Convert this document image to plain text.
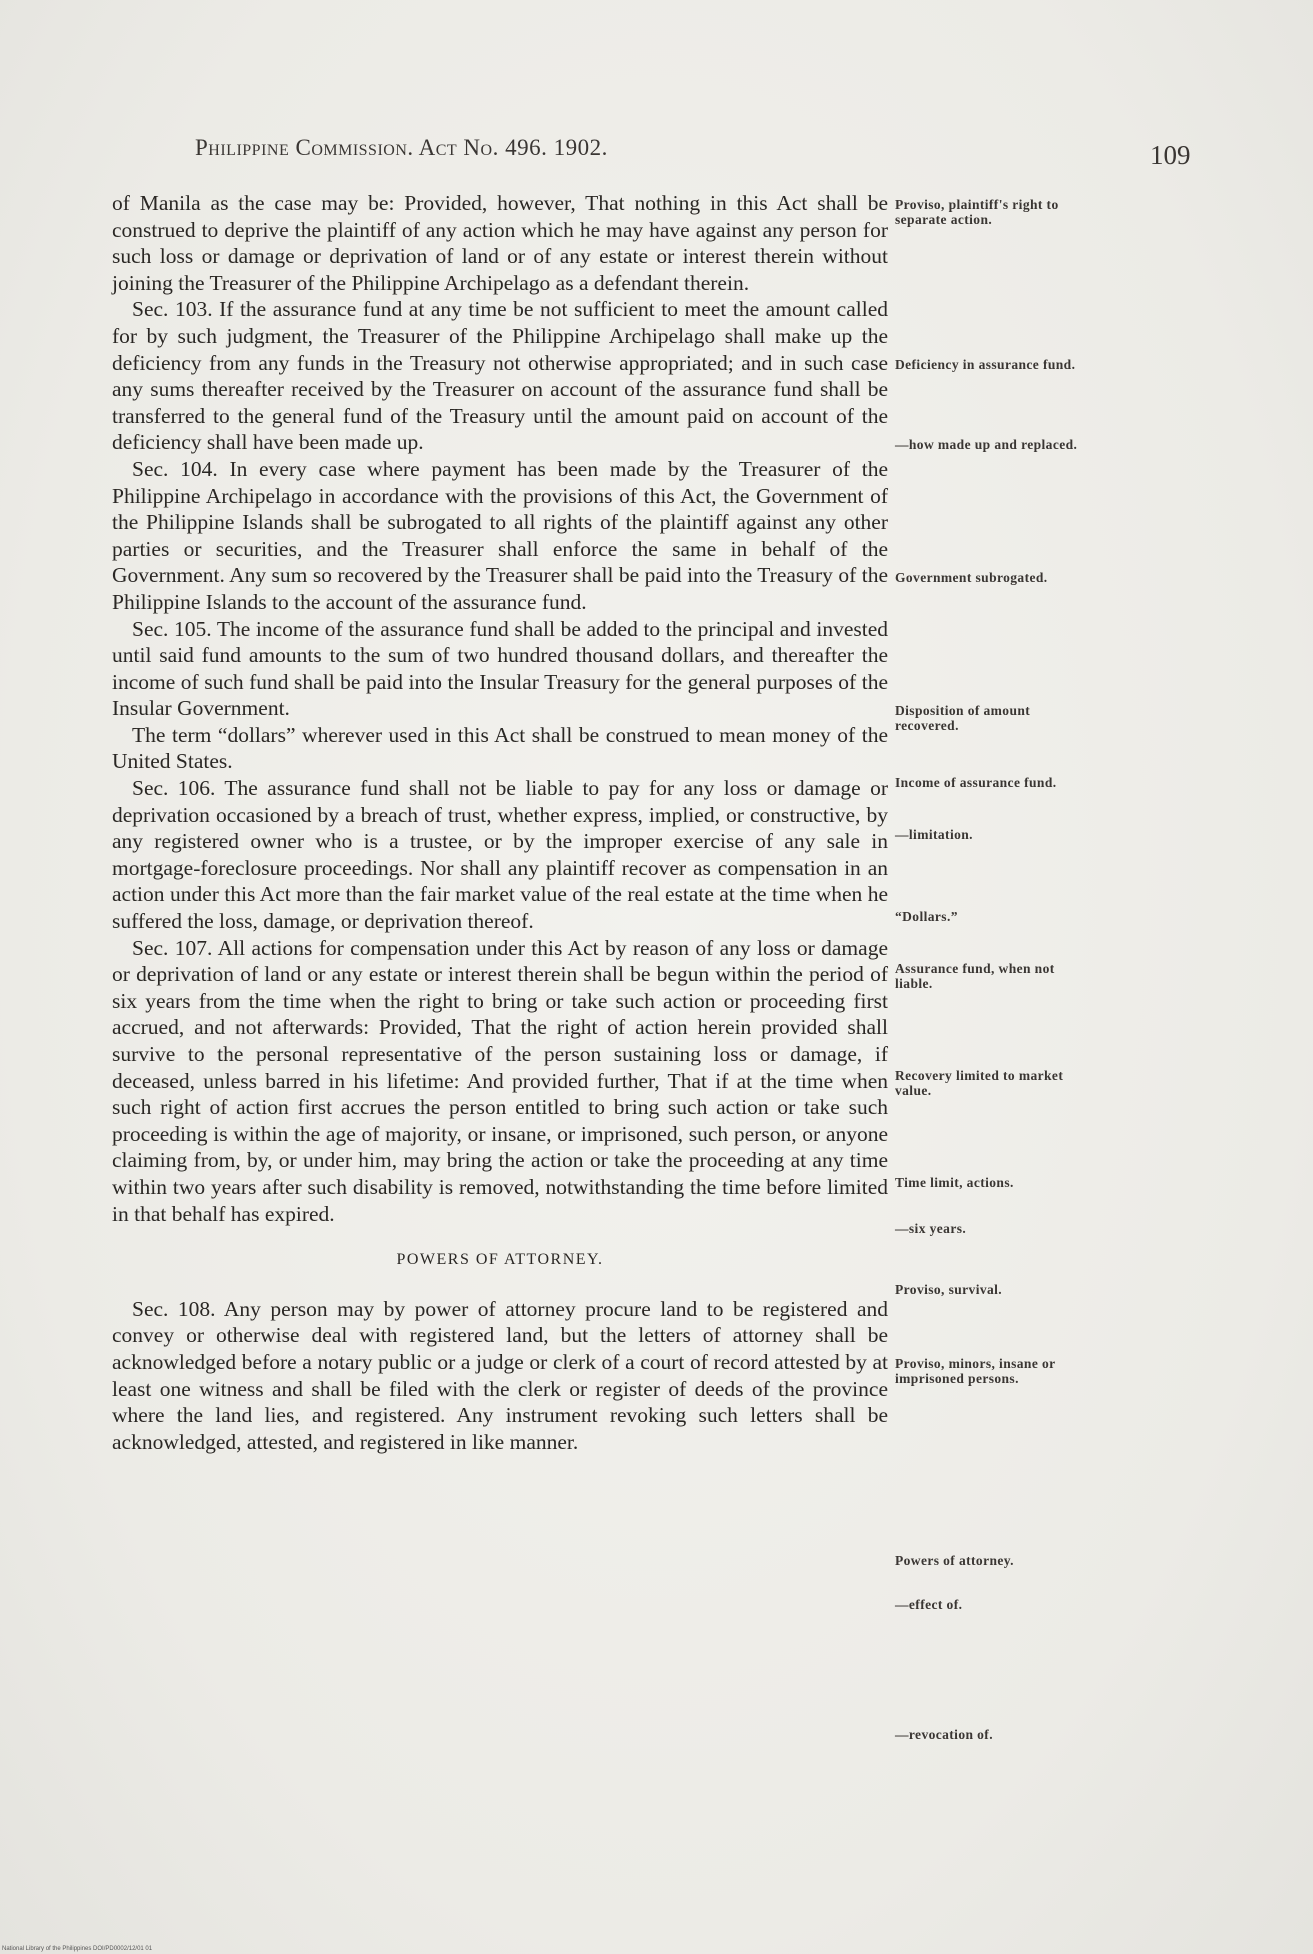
Philippine Commission. Act No. 496. 1902.	109

of Manila as the case may be: Provided, however, That nothing in this Act shall be construed to deprive the plaintiff of any action which he may have against any person for such loss or damage or deprivation of land or of any estate or interest therein without joining the Treasurer of the Philippine Archipelago as a defendant therein.

Sec. 103. If the assurance fund at any time be not sufficient to meet the amount called for by such judgment, the Treasurer of the Philippine Archipelago shall make up the deficiency from any funds in the Treasury not otherwise appropriated; and in such case any sums thereafter received by the Treasurer on account of the assurance fund shall be transferred to the general fund of the Treasury until the amount paid on account of the deficiency shall have been made up.

Sec. 104. In every case where payment has been made by the Treasurer of the Philippine Archipelago in accordance with the provisions of this Act, the Government of the Philippine Islands shall be subrogated to all rights of the plaintiff against any other parties or securities, and the Treasurer shall enforce the same in behalf of the Government. Any sum so recovered by the Treasurer shall be paid into the Treasury of the Philippine Islands to the account of the assurance fund.

Sec. 105. The income of the assurance fund shall be added to the principal and invested until said fund amounts to the sum of two hundred thousand dollars, and thereafter the income of such fund shall be paid into the Insular Treasury for the general purposes of the Insular Government.

The term “dollars” wherever used in this Act shall be construed to mean money of the United States.

Sec. 106. The assurance fund shall not be liable to pay for any loss or damage or deprivation occasioned by a breach of trust, whether express, implied, or constructive, by any registered owner who is a trustee, or by the improper exercise of any sale in mortgage-foreclosure proceedings. Nor shall any plaintiff recover as compensation in an action under this Act more than the fair market value of the real estate at the time when he suffered the loss, damage, or deprivation thereof.

Sec. 107. All actions for compensation under this Act by reason of any loss or damage or deprivation of land or any estate or interest therein shall be begun within the period of six years from the time when the right to bring or take such action or proceeding first accrued, and not afterwards: Provided, That the right of action herein provided shall survive to the personal representative of the person sustaining loss or damage, if deceased, unless barred in his lifetime: And provided further, That if at the time when such right of action first accrues the person entitled to bring such action or take such proceeding is within the age of majority, or insane, or imprisoned, such person, or anyone claiming from, by, or under him, may bring the action or take the proceeding at any time within two years after such disability is removed, notwithstanding the time before limited in that behalf has expired.

POWERS OF ATTORNEY.

Sec. 108. Any person may by power of attorney procure land to be registered and convey or otherwise deal with registered land, but the letters of attorney shall be acknowledged before a notary public or a judge or clerk of a court of record attested by at least one witness and shall be filed with the clerk or register of deeds of the province where the land lies, and registered. Any instrument revoking such letters shall be acknowledged, attested, and registered in like manner.

Proviso, plaintiff's right to separate action.
Deficiency in assurance fund.
—how made up and replaced.
Government subrogated.
Disposition of amount recovered.
Income of assurance fund.
—limitation.
“Dollars.”
Assurance fund, when not liable.
Recovery limited to market value.
Time limit, actions.
—six years.
Proviso, survival.
Proviso, minors, insane or imprisoned persons.
Powers of attorney.
—effect of.
—revocation of.
National Library of the Philippines DOI/PD0002/12/01 01
